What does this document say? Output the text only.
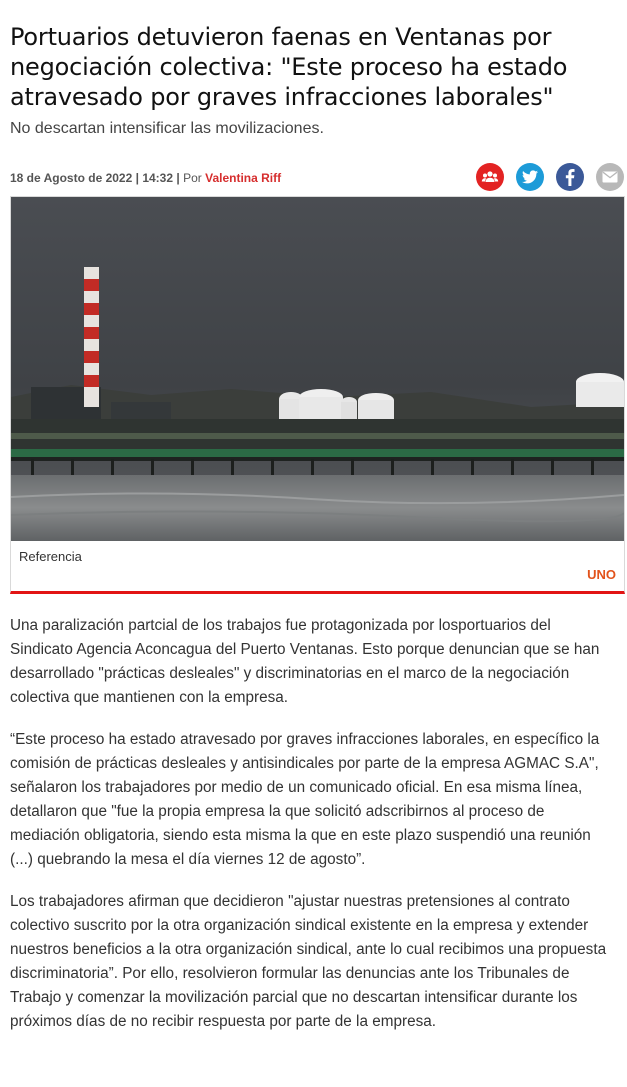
Portuarios detuvieron faenas en Ventanas por negociación colectiva: "Este proceso ha estado atravesado por graves infracciones laborales"
No descartan intensificar las movilizaciones.
18 de Agosto de 2022 | 14:32 | Por Valentina Riff
Referencia
UNO

Una paralización partcial de los trabajos fue protagonizada por losportuarios del Sindicato Agencia Aconcagua del Puerto Ventanas. Esto porque denuncian que se han desarrollado "prácticas desleales" y discriminatorias en el marco de la negociación colectiva que mantienen con la empresa.

“Este proceso ha estado atravesado por graves infracciones laborales, en específico la comisión de prácticas desleales y antisindicales por parte de la empresa AGMAC S.A", señalaron los trabajadores por medio de un comunicado oficial. En esa misma línea, detallaron que "fue la propia empresa la que solicitó adscribirnos al proceso de mediación obligatoria, siendo esta misma la que en este plazo suspendió una reunión (...) quebrando la mesa el día viernes 12 de agosto”.

Los trabajadores afirman que decidieron "ajustar nuestras pretensiones al contrato colectivo suscrito por la otra organización sindical existente en la empresa y extender nuestros beneficios a la otra organización sindical, ante lo cual recibimos una propuesta discriminatoria”. Por ello, resolvieron formular las denuncias ante los Tribunales de Trabajo y comenzar la movilización parcial que no descartan intensificar durante los próximos días de no recibir respuesta por parte de la empresa.
